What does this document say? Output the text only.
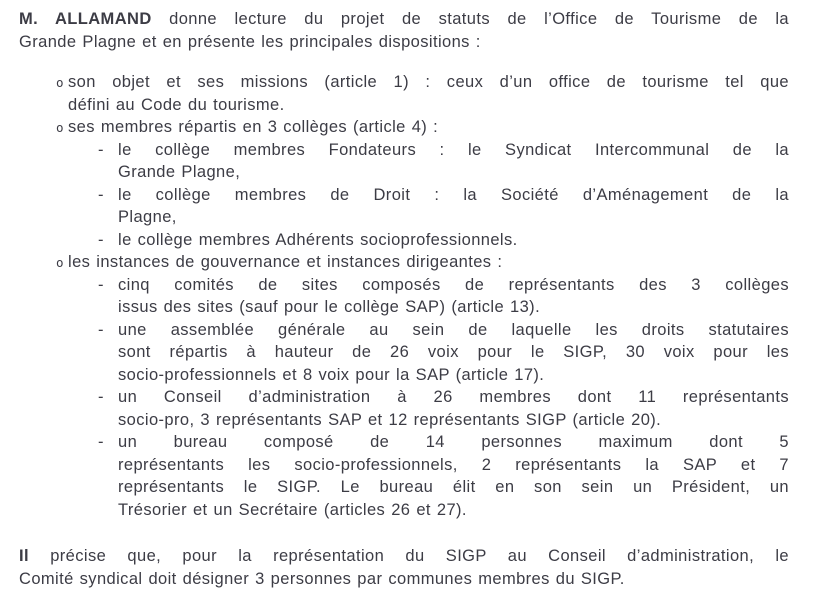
M. ALLAMAND donne lecture du projet de statuts de l’Office de Tourisme de la
Grande Plagne et en présente les principales dispositions :
o son objet et ses missions (article 1) : ceux d’un office de tourisme tel que
défini au Code du tourisme.
o ses membres répartis en 3 collèges (article 4) :
- le collège membres Fondateurs : le Syndicat Intercommunal de la
Grande Plagne,
- le collège membres de Droit : la Société d’Aménagement de la
Plagne,
- le collège membres Adhérents socioprofessionnels.
o les instances de gouvernance et instances dirigeantes :
- cinq comités de sites composés de représentants des 3 collèges
issus des sites (sauf pour le collège SAP) (article 13).
- une assemblée générale au sein de laquelle les droits statutaires
sont répartis à hauteur de 26 voix pour le SIGP, 30 voix pour les
socio-professionnels et 8 voix pour la SAP (article 17).
- un Conseil d’administration à 26 membres dont 11 représentants
socio-pro, 3 représentants SAP et 12 représentants SIGP (article 20).
- un bureau composé de 14 personnes maximum dont 5
représentants les socio-professionnels, 2 représentants la SAP et 7
représentants le SIGP. Le bureau élit en son sein un Président, un
Trésorier et un Secrétaire (articles 26 et 27).
Il précise que, pour la représentation du SIGP au Conseil d’administration, le
Comité syndical doit désigner 3 personnes par communes membres du SIGP.
